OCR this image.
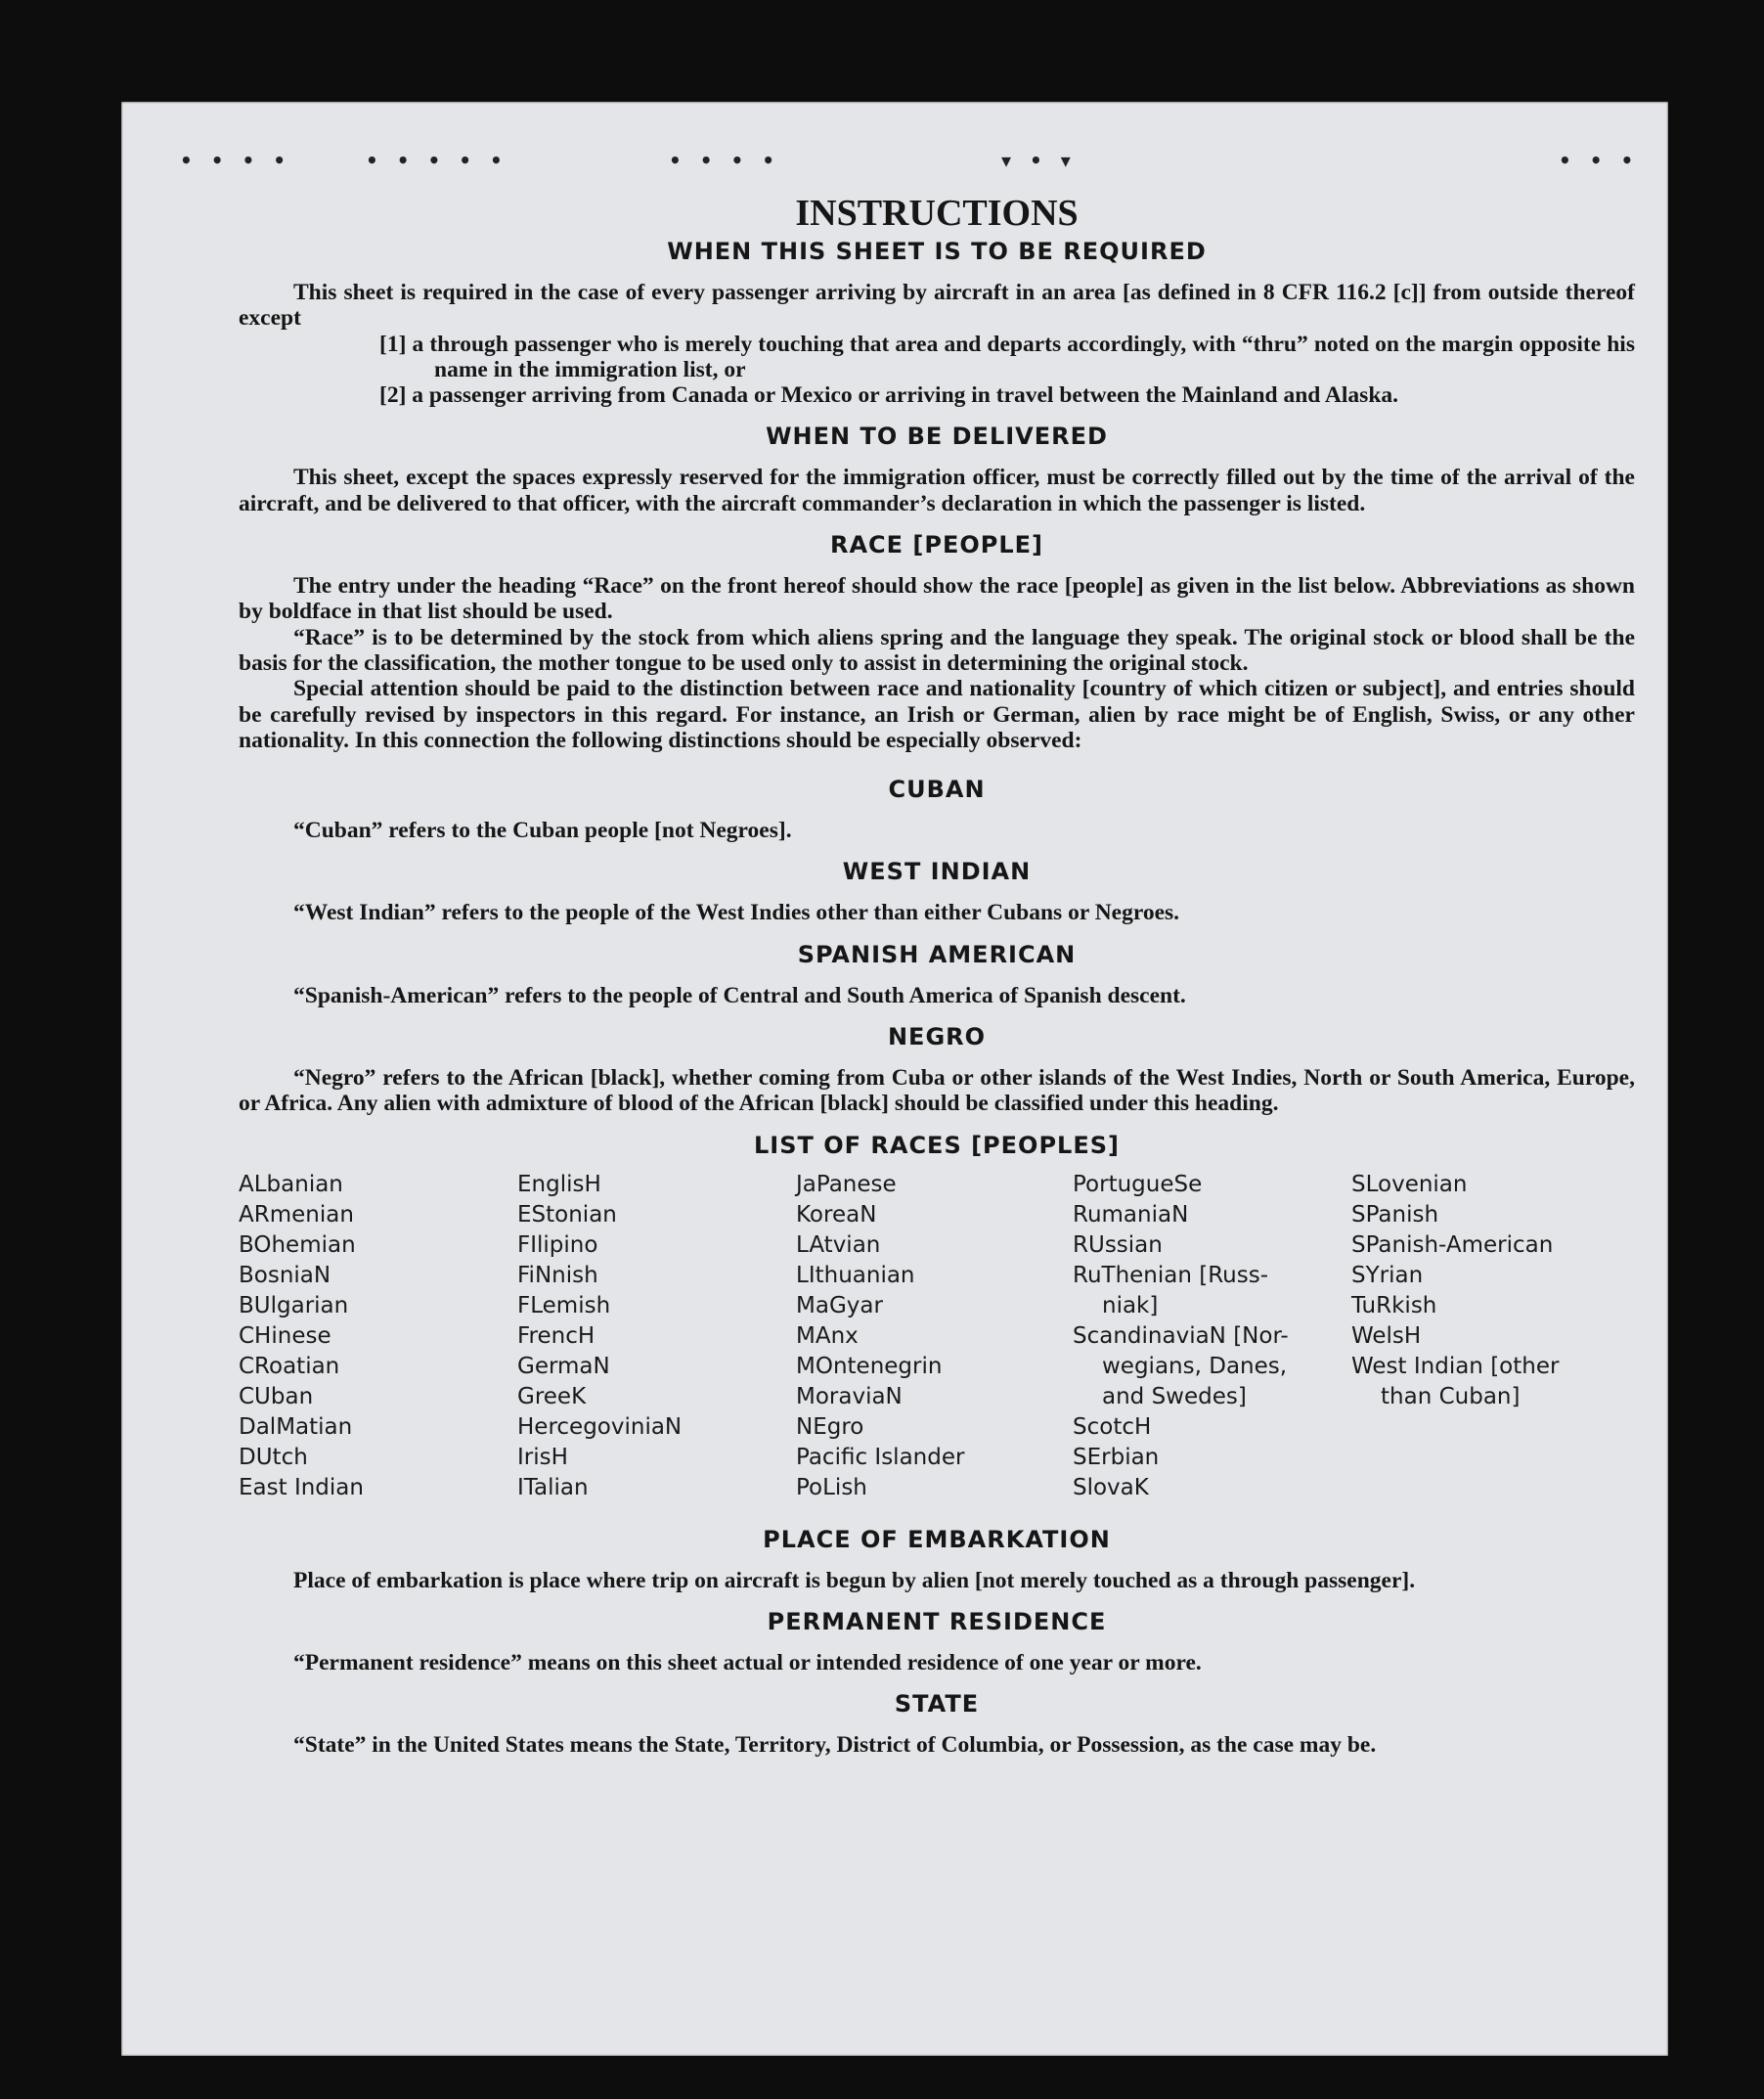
• • • •	• • • • •	• • • •	▾ • ▾	• • •
INSTRUCTIONS
WHEN THIS SHEET IS TO BE REQUIRED

This sheet is required in the case of every passenger arriving by aircraft in an area [as defined in 8 CFR 116.2 [c]] from outside thereof except

[1] a through passenger who is merely touching that area and departs accordingly, with “thru” noted on the margin opposite his name in the immigration list, or

[2] a passenger arriving from Canada or Mexico or arriving in travel between the Mainland and Alaska.

WHEN TO BE DELIVERED

This sheet, except the spaces expressly reserved for the immigration officer, must be correctly filled out by the time of the arrival of the aircraft, and be delivered to that officer, with the aircraft commander’s declaration in which the passenger is listed.

RACE [PEOPLE]

The entry under the heading “Race” on the front hereof should show the race [people] as given in the list below. Abbreviations as shown by boldface in that list should be used.

“Race” is to be determined by the stock from which aliens spring and the language they speak. The original stock or blood shall be the basis for the classification, the mother tongue to be used only to assist in determining the original stock.

Special attention should be paid to the distinction between race and nationality [country of which citizen or subject], and entries should be carefully revised by inspectors in this regard. For instance, an Irish or German, alien by race might be of English, Swiss, or any other nationality. In this connection the following distinctions should be especially observed:

CUBAN

“Cuban” refers to the Cuban people [not Negroes].

WEST INDIAN

“West Indian” refers to the people of the West Indies other than either Cubans or Negroes.

SPANISH AMERICAN

“Spanish-American” refers to the people of Central and South America of Spanish descent.

NEGRO

“Negro” refers to the African [black], whether coming from Cuba or other islands of the West Indies, North or South America, Europe, or Africa. Any alien with admixture of blood of the African [black] should be classified under this heading.

LIST OF RACES [PEOPLES]
ALbanian
ARmenian
BOhemian
BosniaN
BUlgarian
CHinese
CRoatian
CUban
DalMatian
DUtch
East Indian
EnglisH
EStonian
FIlipino
FiNnish
FLemish
FrencH
GermaN
GreeK
HercegoviniaN
IrisH
ITalian
JaPanese
KoreaN
LAtvian
LIthuanian
MaGyar
MAnx
MOntenegrin
MoraviaN
NEgro
Pacific Islander
PoLish
PortugueSe
RumaniaN
RUssian
RuThenian [Russ-
niak]
ScandinaviaN [Nor-
wegians, Danes,
and Swedes]
ScotcH
SErbian
SlovaK
SLovenian
SPanish
SPanish-American
SYrian
TuRkish
WelsH
West Indian [other
than Cuban]
PLACE OF EMBARKATION

Place of embarkation is place where trip on aircraft is begun by alien [not merely touched as a through passenger].

PERMANENT RESIDENCE

“Permanent residence” means on this sheet actual or intended residence of one year or more.

STATE

“State” in the United States means the State, Territory, District of Columbia, or Possession, as the case may be.
